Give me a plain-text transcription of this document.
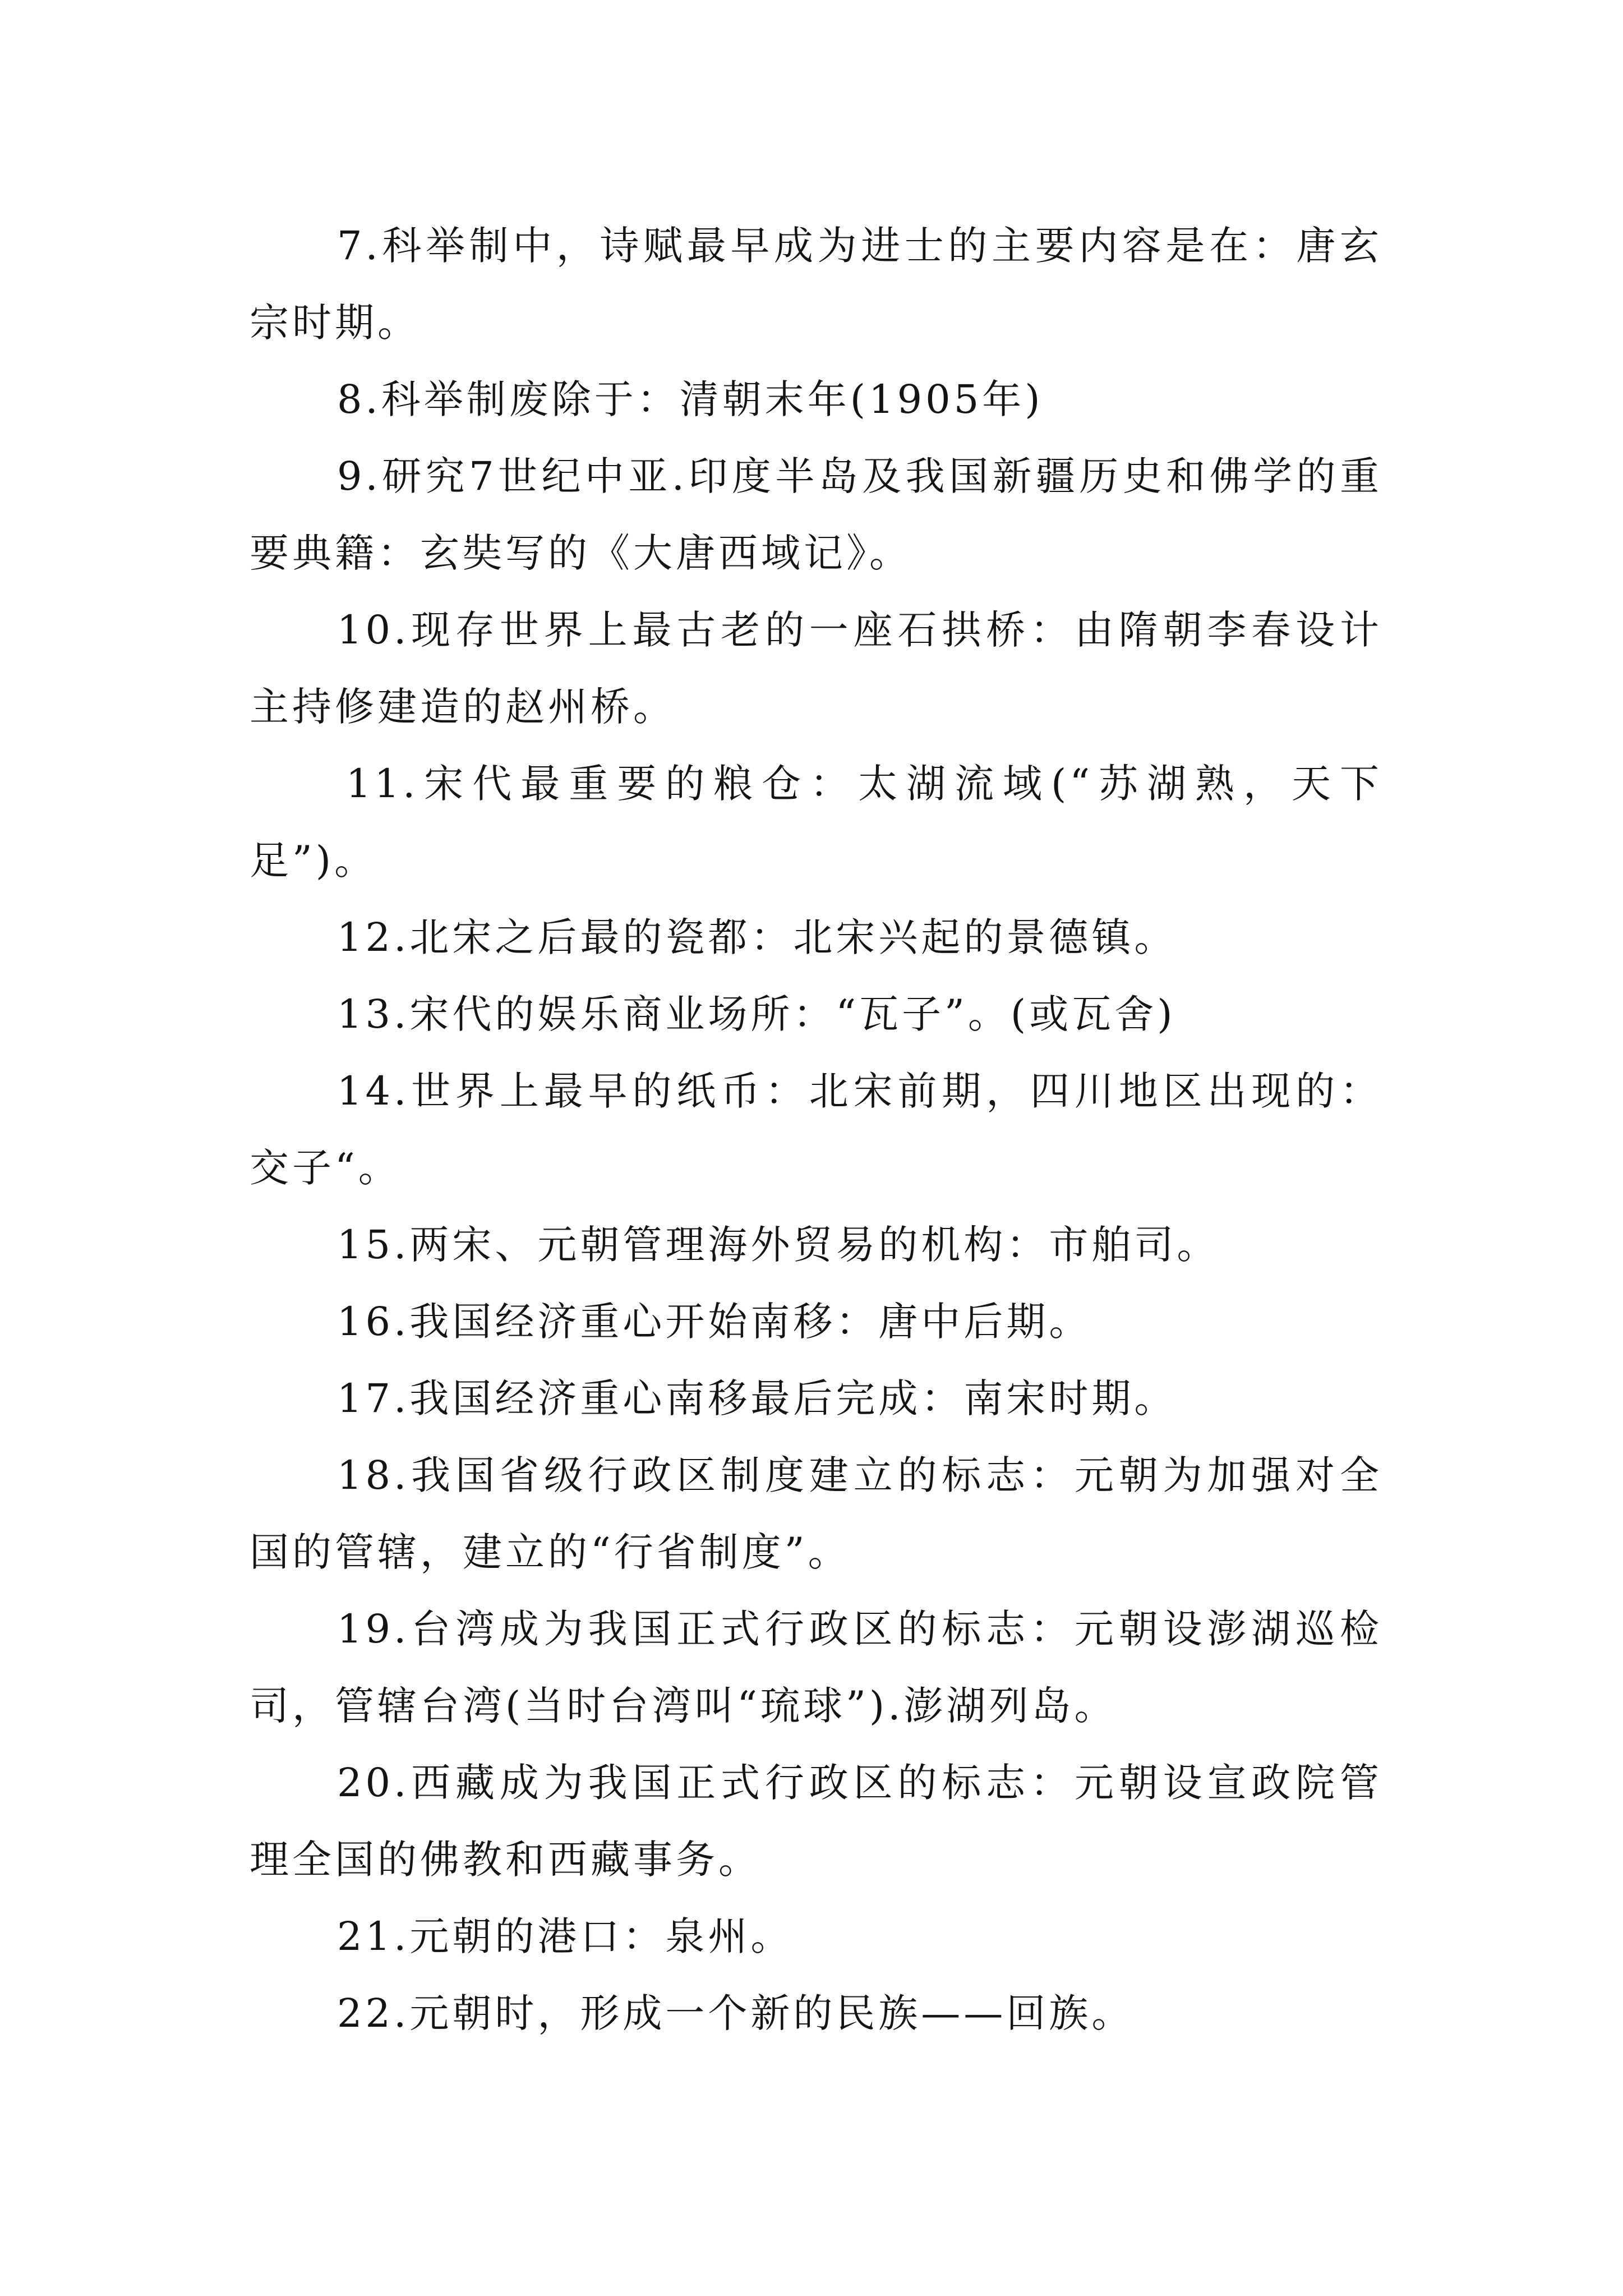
7.科举制中，诗赋最早成为进士的主要内容是在：唐玄宗时期。

8.科举制废除于：清朝末年(1905年)

9.研究7世纪中亚.印度半岛及我国新疆历史和佛学的重要典籍：玄奘写的《大唐西域记》。

10.现存世界上最古老的一座石拱桥：由隋朝李春设计主持修建造的赵州桥。

11.宋代最重要的粮仓：太湖流域(“苏湖熟，天下足”)。

12.北宋之后最的瓷都：北宋兴起的景德镇。

13.宋代的娱乐商业场所：“瓦子”。(或瓦舍)

14.世界上最早的纸币：北宋前期，四川地区出现的：交子“。

15.两宋、元朝管理海外贸易的机构：市舶司。

16.我国经济重心开始南移：唐中后期。

17.我国经济重心南移最后完成：南宋时期。

18.我国省级行政区制度建立的标志：元朝为加强对全国的管辖，建立的“行省制度”。

19.台湾成为我国正式行政区的标志：元朝设澎湖巡检司，管辖台湾(当时台湾叫“琉球”).澎湖列岛。

20.西藏成为我国正式行政区的标志：元朝设宣政院管理全国的佛教和西藏事务。

21.元朝的港口：泉州。

22.元朝时，形成一个新的民族——回族。
